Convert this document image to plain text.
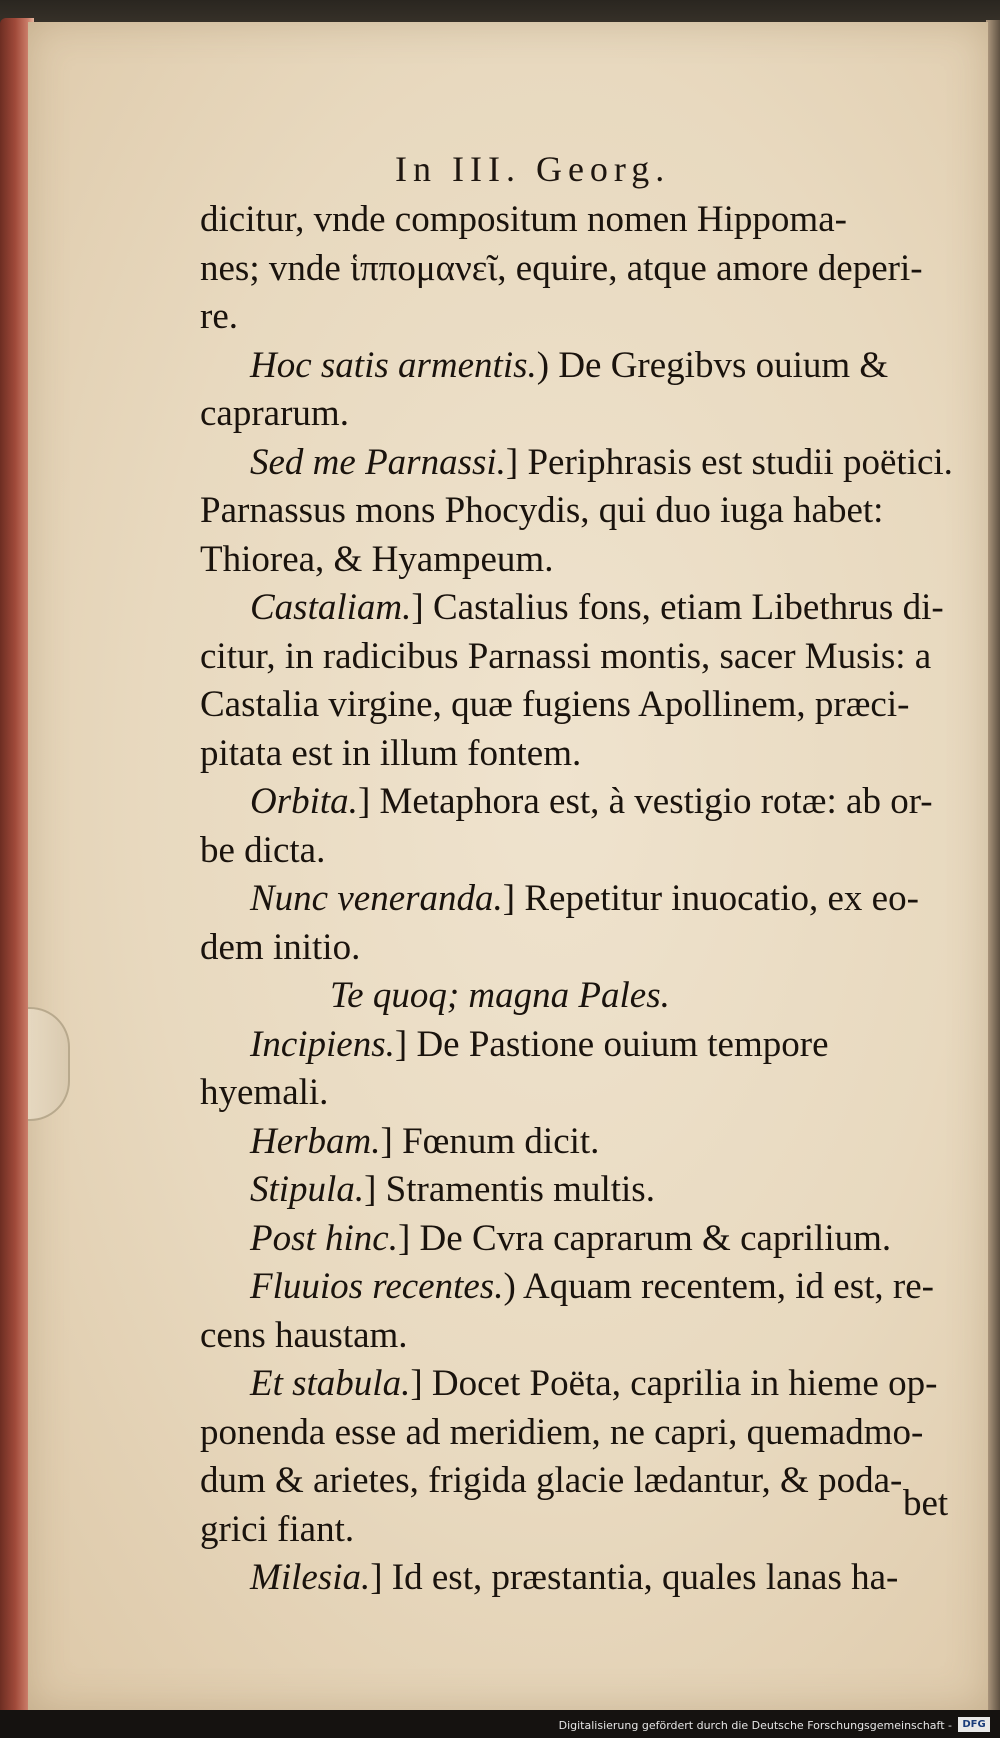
In III. Georg.
dicitur, vnde compositum nomen Hippoma-
nes; vnde ἱππομανεῖ, equire, atque amore deperi-
re.
Hoc satis armentis.) De Gregibvs ouium &
caprarum.
Sed me Parnassi.] Periphrasis est studii poëtici.
Parnassus mons Phocydis, qui duo iuga habet:
Thiorea, & Hyampeum.
Castaliam.] Castalius fons, etiam Libethrus di-
citur, in radicibus Parnassi montis, sacer Musis: a
Castalia virgine, quæ fugiens Apollinem, præci-
pitata est in illum fontem.
Orbita.] Metaphora est, à vestigio rotæ: ab or-
be dicta.
Nunc veneranda.] Repetitur inuocatio, ex eo-
dem initio.
Te quoq; magna Pales.
Incipiens.] De Pastione ouium tempore
hyemali.
Herbam.] Fœnum dicit.
Stipula.] Stramentis multis.
Post hinc.] De Cvra caprarum & caprilium.
Fluuios recentes.) Aquam recentem, id est, re-
cens haustam.
Et stabula.] Docet Poëta, caprilia in hieme op-
ponenda esse ad meridiem, ne capri, quemadmo-
dum & arietes, frigida glacie lædantur, & poda-
grici fiant.
Milesia.] Id est, præstantia, quales lanas ha-
bet
Digitalisierung gefördert durch die Deutsche Forschungsgemeinschaft -	DFG
